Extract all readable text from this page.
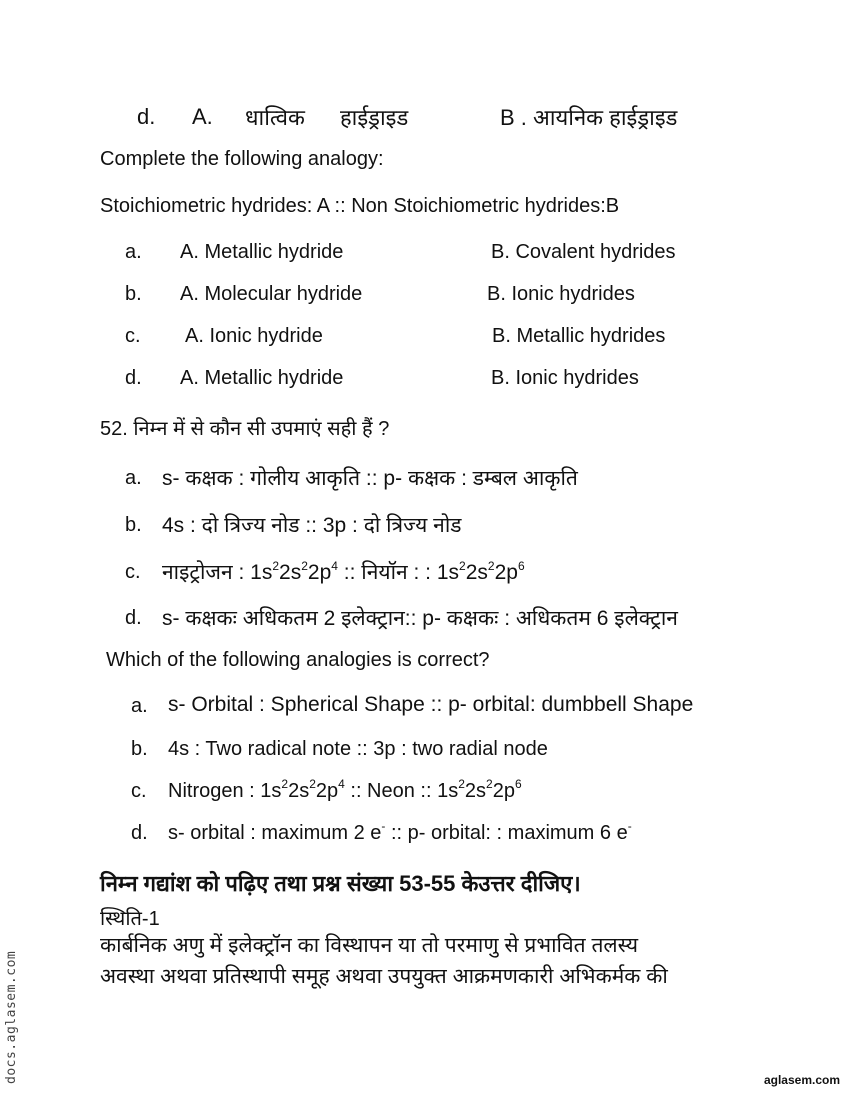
d. A. धात्विक हाईड्राइड	B . आयनिक हाईड्राइड
Complete the following analogy:
Stoichiometric hydrides: A :: Non Stoichiometric hydrides:B
a. A. Metallic hydride	B. Covalent hydrides
b. A. Molecular hydride	B. Ionic hydrides
c. A. Ionic hydride	B. Metallic hydrides
d. A. Metallic hydride	B. Ionic hydrides
52. निम्न में से कौन सी उपमाएं सही हैं ?
a. s- कक्षक : गोलीय आकृति :: p- कक्षक : डम्बल आकृति
b. 4s : दो त्रिज्य नोड :: 3p : दो त्रिज्य नोड
c. नाइट्रोजन : $1s^22s^22p^4$ :: नियॉन : : $1s^22s^22p^6$
d. s- कक्षकः अधिकतम 2 इलेक्ट्रान:: p- कक्षकः : अधिकतम 6 इलेक्ट्रान
Which of the following analogies is correct?
a. s- Orbital : Spherical Shape :: p- orbital: dumbbell Shape
b. 4s : Two radical note :: 3p : two radial node
c. Nitrogen : $1s^22s^22p^4$ :: Neon :: $1s^22s^22p^6$
d. s- orbital : maximum 2 e- :: p- orbital: : maximum 6 e-
निम्न गद्यांश को पढ़िए तथा प्रश्न संख्या 53-55 केउत्तर दीजिए।
स्थिति-1
कार्बनिक अणु में इलेक्ट्रॉन का विस्थापन या तो परमाणु से प्रभावित तलस्य
अवस्था अथवा प्रतिस्थापी समूह अथवा उपयुक्त आक्रमणकारी अभिकर्मक की
docs.aglasem.com	aglasem.com
